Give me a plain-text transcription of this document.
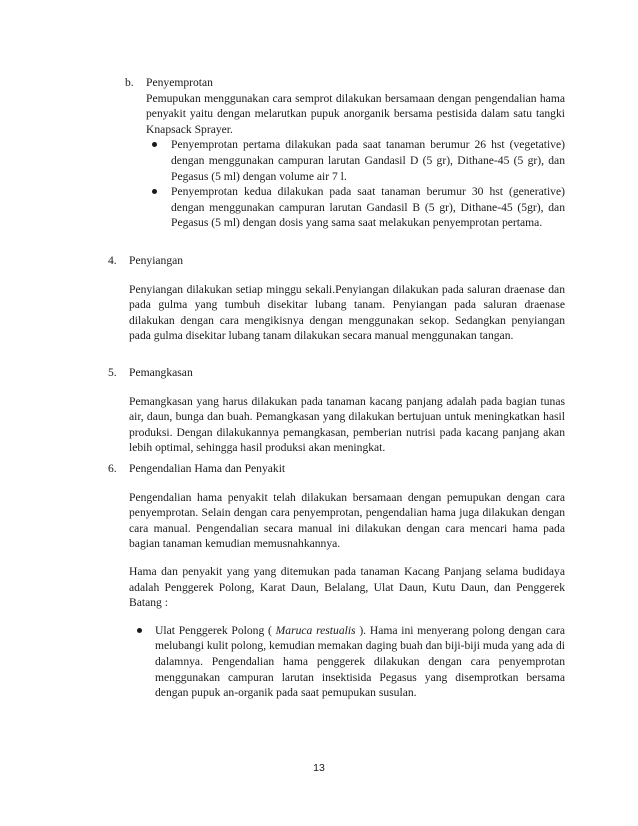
b.	Penyemprotan
Pemupukan menggunakan cara semprot dilakukan bersamaan dengan pengendalian hama penyakit yaitu dengan melarutkan pupuk anorganik bersama pestisida dalam satu tangki Knapsack Sprayer.
Penyemprotan pertama dilakukan pada saat tanaman berumur 26 hst (vegetative) dengan menggunakan campuran larutan Gandasil D (5 gr), Dithane-45 (5 gr), dan Pegasus (5 ml) dengan volume air 7 l.
Penyemprotan kedua dilakukan pada saat tanaman berumur 30 hst (generative) dengan menggunakan campuran larutan Gandasil B (5 gr), Dithane-45 (5gr), dan Pegasus (5 ml) dengan dosis yang sama saat melakukan penyemprotan pertama.
4.	Penyiangan
Penyiangan dilakukan setiap minggu sekali.Penyiangan dilakukan pada saluran draenase dan pada gulma yang tumbuh disekitar lubang tanam. Penyiangan pada saluran draenase dilakukan dengan cara mengikisnya dengan menggunakan sekop. Sedangkan penyiangan pada gulma disekitar lubang tanam dilakukan secara manual menggunakan tangan.
5.	Pemangkasan
Pemangkasan yang harus dilakukan pada tanaman kacang panjang adalah pada bagian tunas air, daun, bunga dan buah. Pemangkasan yang dilakukan bertujuan untuk meningkatkan hasil produksi. Dengan dilakukannya pemangkasan, pemberian nutrisi pada kacang panjang akan lebih optimal, sehingga hasil produksi akan meningkat.
6.	Pengendalian Hama dan Penyakit
Pengendalian hama penyakit telah dilakukan bersamaan dengan pemupukan dengan cara penyemprotan. Selain dengan cara penyemprotan, pengendalian hama juga dilakukan dengan cara manual. Pengendalian secara manual ini dilakukan dengan cara mencari hama pada bagian tanaman kemudian memusnahkannya.
Hama dan penyakit yang yang ditemukan pada tanaman Kacang Panjang selama budidaya adalah Penggerek Polong, Karat Daun, Belalang, Ulat Daun, Kutu Daun, dan Penggerek Batang :
Ulat Penggerek Polong ( Maruca restualis ). Hama ini menyerang polong dengan cara melubangi kulit polong, kemudian memakan daging buah dan biji-biji muda yang ada di dalamnya. Pengendalian hama penggerek dilakukan dengan cara penyemprotan menggunakan campuran larutan insektisida Pegasus yang disemprotkan bersama dengan pupuk an-organik pada saat pemupukan susulan.
13
